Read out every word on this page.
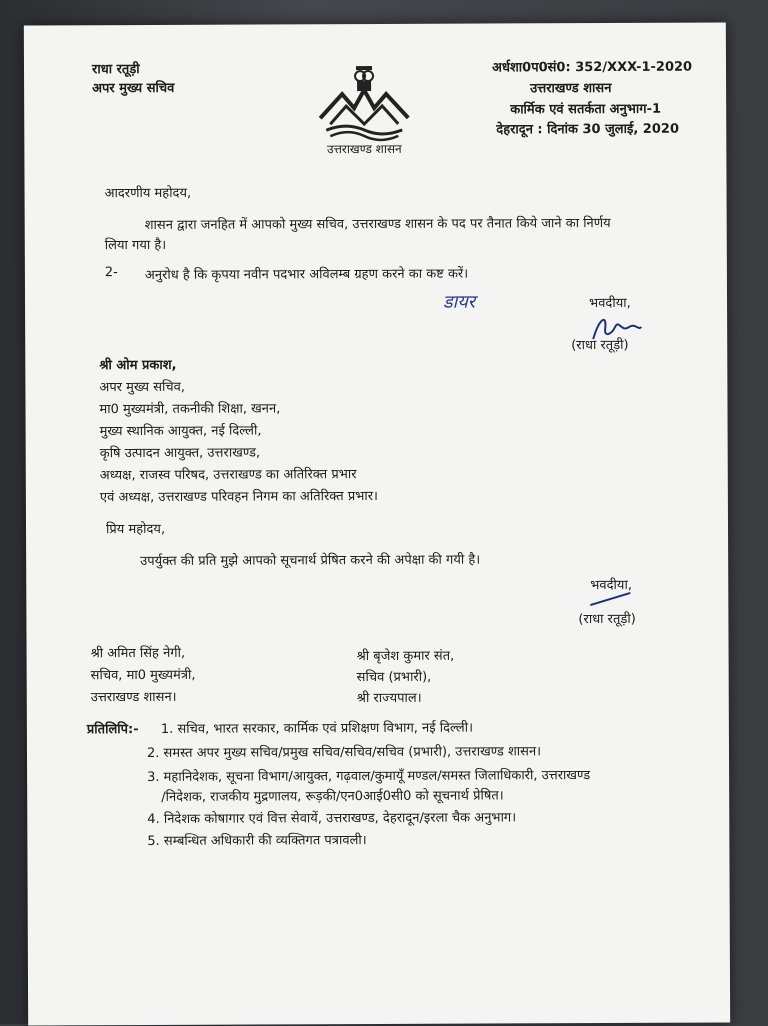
राधा रतूड़ी
अपर मुख्य सचिव
उत्तराखण्ड शासन
अर्धशा0प0सं0: 352/XXX-1-2020
उत्तराखण्ड शासन
कार्मिक एवं सतर्कता अनुभाग-1
देहरादून : दिनांक 30 जुलाई, 2020
आदरणीय महोदय,
शासन द्वारा जनहित में आपको मुख्य सचिव, उत्तराखण्ड शासन के पद पर तैनात किये जाने का निर्णय
लिया गया है।
2- अनुरोध है कि कृपया नवीन पदभार अविलम्ब ग्रहण करने का कष्ट करें।
डायर	भवदीया,
(राधा रतूड़ी)
श्री ओम प्रकाश,
अपर मुख्य सचिव,
मा0 मुख्यमंत्री, तकनीकी शिक्षा, खनन,
मुख्य स्थानिक आयुक्त, नई दिल्ली,
कृषि उत्पादन आयुक्त, उत्तराखण्ड,
अध्यक्ष, राजस्व परिषद, उत्तराखण्ड का अतिरिक्त प्रभार
एवं अध्यक्ष, उत्तराखण्ड परिवहन निगम का अतिरिक्त प्रभार।
प्रिय महोदय,
उपर्युक्त की प्रति मुझे आपको सूचनार्थ प्रेषित करने की अपेक्षा की गयी है।
भवदीया,
(राधा रतूड़ी)
श्री अमित सिंह नेगी,
सचिव, मा0 मुख्यमंत्री,
उत्तराखण्ड शासन।
श्री बृजेश कुमार संत,
सचिव (प्रभारी),
श्री राज्यपाल।
प्रतिलिपि:- 1. सचिव, भारत सरकार, कार्मिक एवं प्रशिक्षण विभाग, नई दिल्ली।
2. समस्त अपर मुख्य सचिव/प्रमुख सचिव/सचिव/सचिव (प्रभारी), उत्तराखण्ड शासन।
3. महानिदेशक, सूचना विभाग/आयुक्त, गढ़वाल/कुमायूँ मण्डल/समस्त जिलाधिकारी, उत्तराखण्ड
/निदेशक, राजकीय मुद्रणालय, रूड़की/एन0आई0सी0 को सूचनार्थ प्रेषित।
4. निदेशक कोषागार एवं वित्त सेवायें, उत्तराखण्ड, देहरादून/इरला चैक अनुभाग।
5. सम्बन्धित अधिकारी की व्यक्तिगत पत्रावली।
